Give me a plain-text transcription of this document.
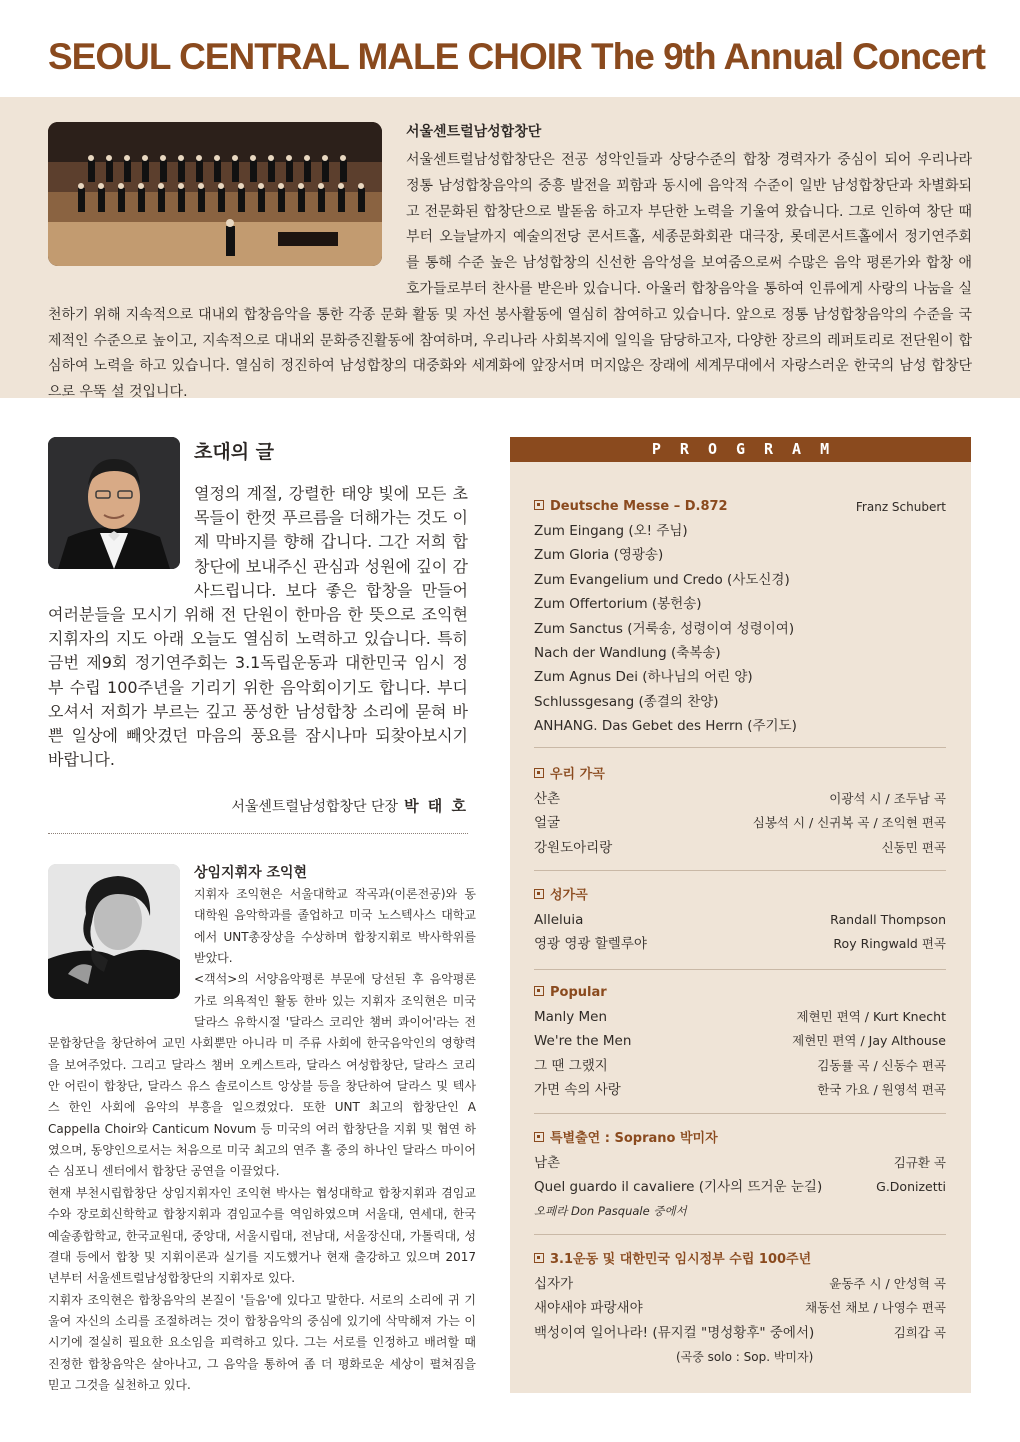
SEOUL CENTRAL MALE CHOIR The 9th Annual Concert
서울센트럴남성합창단
서울센트럴남성합창단은 전공 성악인들과 상당수준의 합창 경력자가 중심이 되어 우리나라 정통 남성합창음악의 중흥 발전을 꾀함과 동시에 음악적 수준이 일반 남성합창단과 차별화되고 전문화된 합창단으로 발돋움 하고자 부단한 노력을 기울여 왔습니다. 그로 인하여 창단 때부터 오늘날까지 예술의전당 콘서트홀, 세종문화회관 대극장, 롯데콘서트홀에서 정기연주회를 통해 수준 높은 남성합창의 신선한 음악성을 보여줌으로써 수많은 음악 평론가와 합창 애호가들로부터 찬사를 받은바 있습니다. 아울러 합창음악을 통하여 인류에게 사랑의 나눔을 실천하기 위해 지속적으로 대내외 합창음악을 통한 각종 문화 활동 및 자선 봉사활동에 열심히 참여하고 있습니다. 앞으로 정통 남성합창음악의 수준을 국제적인 수준으로 높이고, 지속적으로 대내외 문화증진활동에 참여하며, 우리나라 사회복지에 일익을 담당하고자, 다양한 장르의 레퍼토리로 전단원이 합심하여 노력을 하고 있습니다. 열심히 정진하여 남성합창의 대중화와 세계화에 앞장서며 머지않은 장래에 세계무대에서 자랑스러운 한국의 남성 합창단으로 우뚝 설 것입니다.
초대의 글
열정의 계절, 강렬한 태양 빛에 모든 초목들이 한껏 푸르름을 더해가는 것도 이제 막바지를 향해 갑니다. 그간 저희 합창단에 보내주신 관심과 성원에 깊이 감사드립니다. 보다 좋은 합창을 만들어 여러분들을 모시기 위해 전 단원이 한마음 한 뜻으로 조익현 지휘자의 지도 아래 오늘도 열심히 노력하고 있습니다. 특히 금번 제9회 정기연주회는 3.1독립운동과 대한민국 임시 정부 수립 100주년을 기리기 위한 음악회이기도 합니다. 부디 오셔서 저희가 부르는 깊고 풍성한 남성합창 소리에 묻혀 바쁜 일상에 빼앗겼던 마음의 풍요를 잠시나마 되찾아보시기 바랍니다.
서울센트럴남성합창단 단장 박 태 호
상임지휘자 조익현

지휘자 조익현은 서울대학교 작곡과(이론전공)와 동 대학원 음악학과를 졸업하고 미국 노스텍사스 대학교에서 UNT총장상을 수상하며 합창지휘로 박사학위를 받았다.

<객석>의 서양음악평론 부문에 당선된 후 음악평론가로 의욕적인 활동 한바 있는 지휘자 조익현은 미국 달라스 유학시절 '달라스 코리안 챔버 콰이어'라는 전문합창단을 창단하여 교민 사회뿐만 아니라 미 주류 사회에 한국음악인의 영향력을 보여주었다. 그리고 달라스 챔버 오케스트라, 달라스 여성합창단, 달라스 코리안 어린이 합창단, 달라스 유스 솔로이스트 앙상블 등을 창단하여 달라스 및 텍사스 한인 사회에 음악의 부흥을 일으켰었다. 또한 UNT 최고의 합창단인 A Cappella Choir와 Canticum Novum 등 미국의 여러 합창단을 지휘 및 협연 하였으며, 동양인으로서는 처음으로 미국 최고의 연주 홀 중의 하나인 달라스 마이어슨 심포니 센터에서 합창단 공연을 이끌었다.

현재 부천시립합창단 상임지휘자인 조익현 박사는 협성대학교 합창지휘과 겸임교수와 장로회신학학교 합창지휘과 겸임교수를 역임하였으며 서울대, 연세대, 한국예술종합학교, 한국교원대, 중앙대, 서울시립대, 전남대, 서울장신대, 가톨릭대, 성결대 등에서 합창 및 지휘이론과 실기를 지도했거나 현재 출강하고 있으며 2017년부터 서울센트럴남성합창단의 지휘자로 있다.

지휘자 조익현은 합창음악의 본질이 '들음'에 있다고 말한다. 서로의 소리에 귀 기울여 자신의 소리를 조절하려는 것이 합창음악의 중심에 있기에 삭막해져 가는 이 시기에 절실히 필요한 요소임을 피력하고 있다. 그는 서로를 인정하고 배려할 때 진정한 합창음악은 살아나고, 그 음악을 통하여 좀 더 평화로운 세상이 펼쳐짐을 믿고 그것을 실천하고 있다.

PROGRAM
Deutsche Messe – D.872	Franz Schubert
Zum Eingang (오! 주님)
Zum Gloria (영광송)
Zum Evangelium und Credo (사도신경)
Zum Offertorium (봉헌송)
Zum Sanctus (거룩송, 성령이여 성령이여)
Nach der Wandlung (축복송)
Zum Agnus Dei (하나님의 어린 양)
Schlussgesang (종결의 찬양)
ANHANG. Das Gebet des Herrn (주기도)
우리 가곡
산촌	이광석 시 / 조두남 곡
얼굴	심봉석 시 / 신귀복 곡 / 조익현 편곡
강원도아리랑	신동민 편곡
성가곡
Alleluia	Randall Thompson
영광 영광 할렐루야	Roy Ringwald 편곡
Popular
Manly Men	제현민 편역 / Kurt Knecht
We're the Men	제현민 편역 / Jay Althouse
그 땐 그랬지	김동률 곡 / 신동수 편곡
가면 속의 사랑	한국 가요 / 원영석 편곡
특별출연 : Soprano 박미자
남촌	김규환 곡
Quel guardo il cavaliere (기사의 뜨거운 눈길)	G.Donizetti
오페라 Don Pasquale 중에서
3.1운동 및 대한민국 임시정부 수립 100주년
십자가	윤동주 시 / 안성혁 곡
새야새야 파랑새야	채동선 채보 / 나영수 편곡
백성이여 일어나라! (뮤지컬 "명성황후" 중에서)	김희갑 곡
(곡중 solo : Sop. 박미자)
